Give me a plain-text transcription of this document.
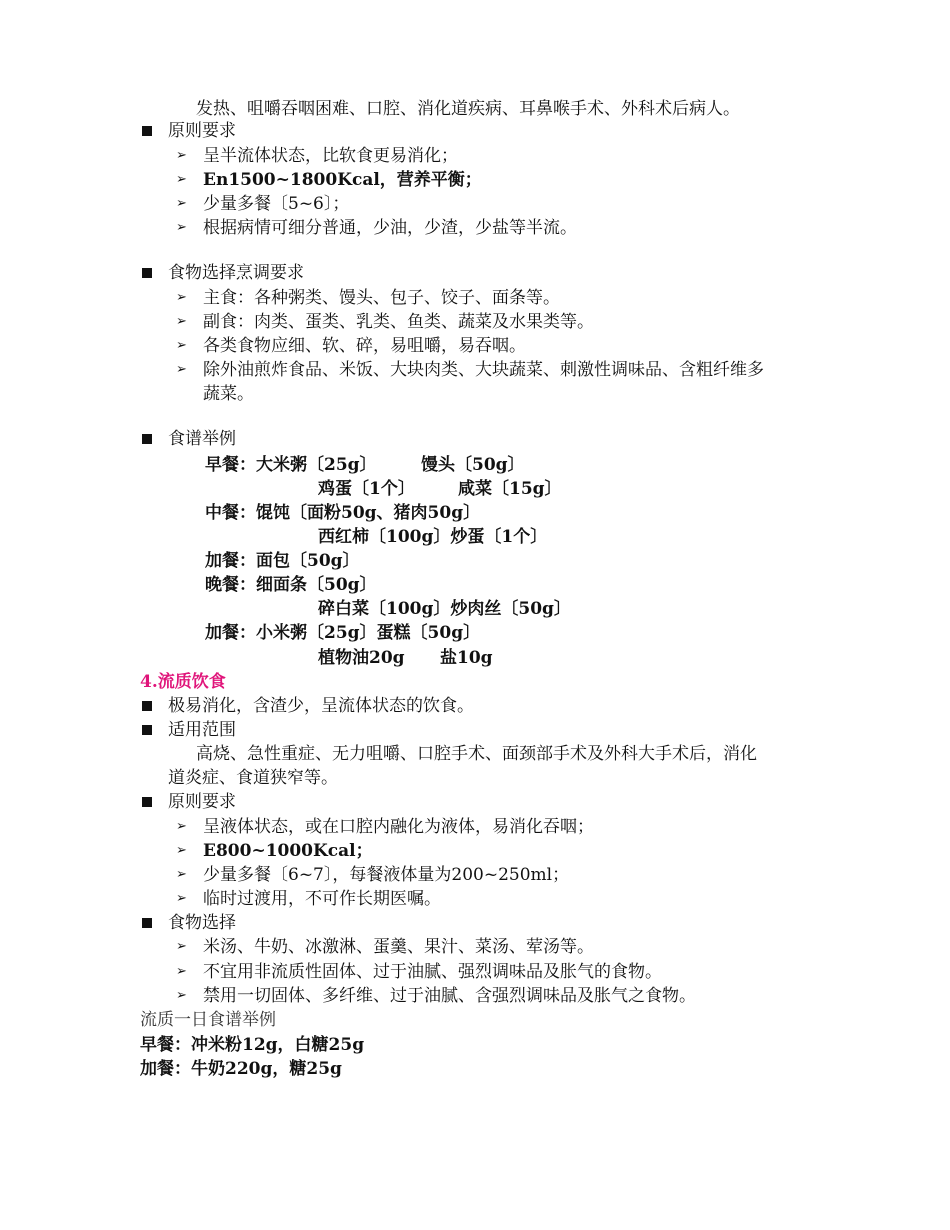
发热、咀嚼吞咽困难、口腔、消化道疾病、耳鼻喉手术、外科术后病人。
原则要求
➢ 呈半流体状态，比软食更易消化；
➢ En1500~1800Kcal，营养平衡；
➢ 少量多餐〔5~6〕；
➢ 根据病情可细分普通，少油，少渣，少盐等半流。
食物选择烹调要求
➢ 主食：各种粥类、馒头、包子、饺子、面条等。
➢ 副食：肉类、蛋类、乳类、鱼类、蔬菜及水果类等。
➢ 各类食物应细、软、碎，易咀嚼，易吞咽。
➢ 除外油煎炸食品、米饭、大块肉类、大块蔬菜、刺激性调味品、含粗纤维多
蔬菜。
食谱举例
早餐：大米粥〔25g〕	馒头〔50g〕
鸡蛋〔1个〕	咸菜〔15g〕
中餐：馄饨〔面粉50g、猪肉50g〕
西红柿〔100g〕炒蛋〔1个〕
加餐：面包〔50g〕
晚餐：细面条〔50g〕
碎白菜〔100g〕炒肉丝〔50g〕
加餐：小米粥〔25g〕蛋糕〔50g〕
植物油20g 盐10g
4.流质饮食
极易消化，含渣少，呈流体状态的饮食。
适用范围
高烧、急性重症、无力咀嚼、口腔手术、面颈部手术及外科大手术后，消化
道炎症、食道狭窄等。
原则要求
➢ 呈液体状态，或在口腔内融化为液体，易消化吞咽；
➢ E800~1000Kcal；
➢ 少量多餐〔6~7〕，每餐液体量为200~250ml；
➢ 临时过渡用，不可作长期医嘱。
食物选择
➢ 米汤、牛奶、冰激淋、蛋羹、果汁、菜汤、荤汤等。
➢ 不宜用非流质性固体、过于油腻、强烈调味品及胀气的食物。
➢ 禁用一切固体、多纤维、过于油腻、含强烈调味品及胀气之食物。
流质一日食谱举例
早餐：冲米粉12g，白糖25g
加餐：牛奶220g，糖25g
